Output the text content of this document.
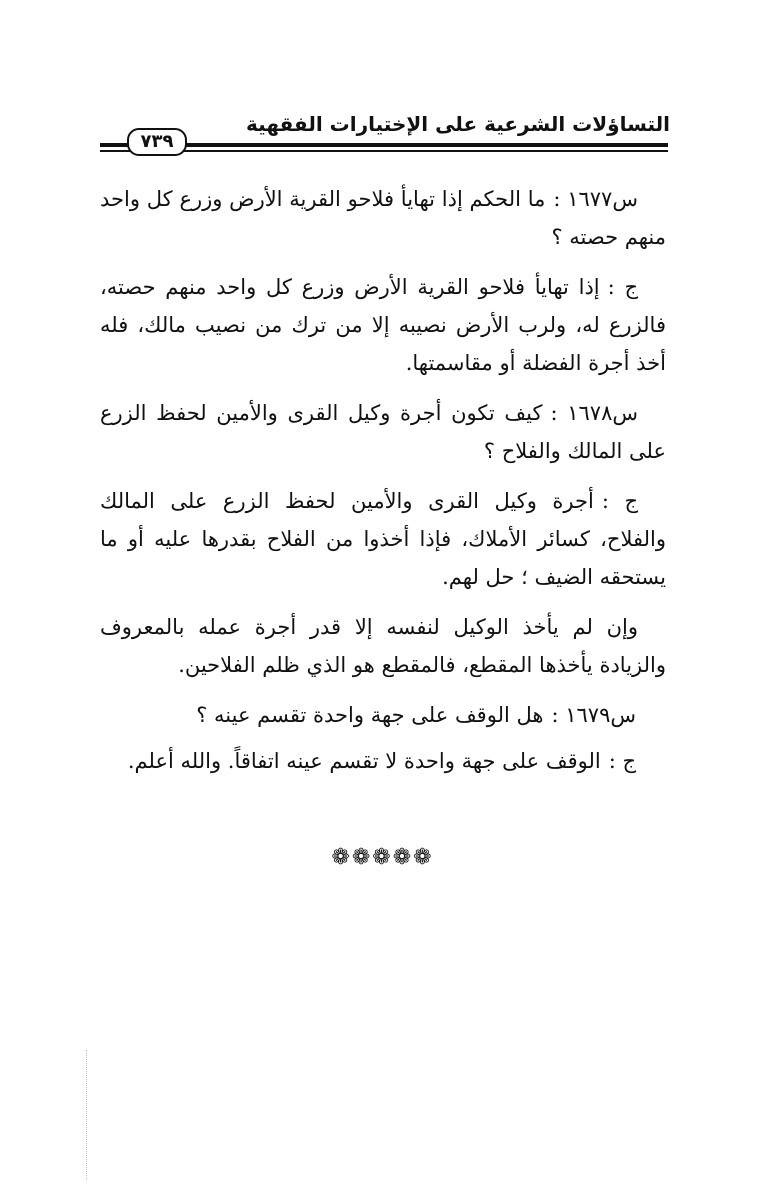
التساؤلات الشرعية على الإختيارات الفقهية
٧٣٩

س١٦٧٧ :ما الحكم إذا تهايأ فلاحو القرية الأرض وزرع كل واحد منهم حصته ؟

ج :إذا تهايأ فلاحو القرية الأرض وزرع كل واحد منهم حصته، فالزرع له، ولرب الأرض نصيبه إلا من ترك من نصيب مالك، فله أخذ أجرة الفضلة أو مقاسمتها.

س١٦٧٨ :كيف تكون أجرة وكيل القرى والأمين لحفظ الزرع على المالك والفلاح ؟

ج :أجرة وكيل القرى والأمين لحفظ الزرع على المالك والفلاح، كسائر الأملاك، فإذا أخذوا من الفلاح بقدرها عليه أو ما يستحقه الضيف ؛ حل لهم.

وإن لم يأخذ الوكيل لنفسه إلا قدر أجرة عمله بالمعروف والزيادة يأخذها المقطع، فالمقطع هو الذي ظلم الفلاحين.

س١٦٧٩ :هل الوقف على جهة واحدة تقسم عينه ؟

ج :الوقف على جهة واحدة لا تقسم عينه اتفاقاً. والله أعلم.

❁❁❁❁❁
